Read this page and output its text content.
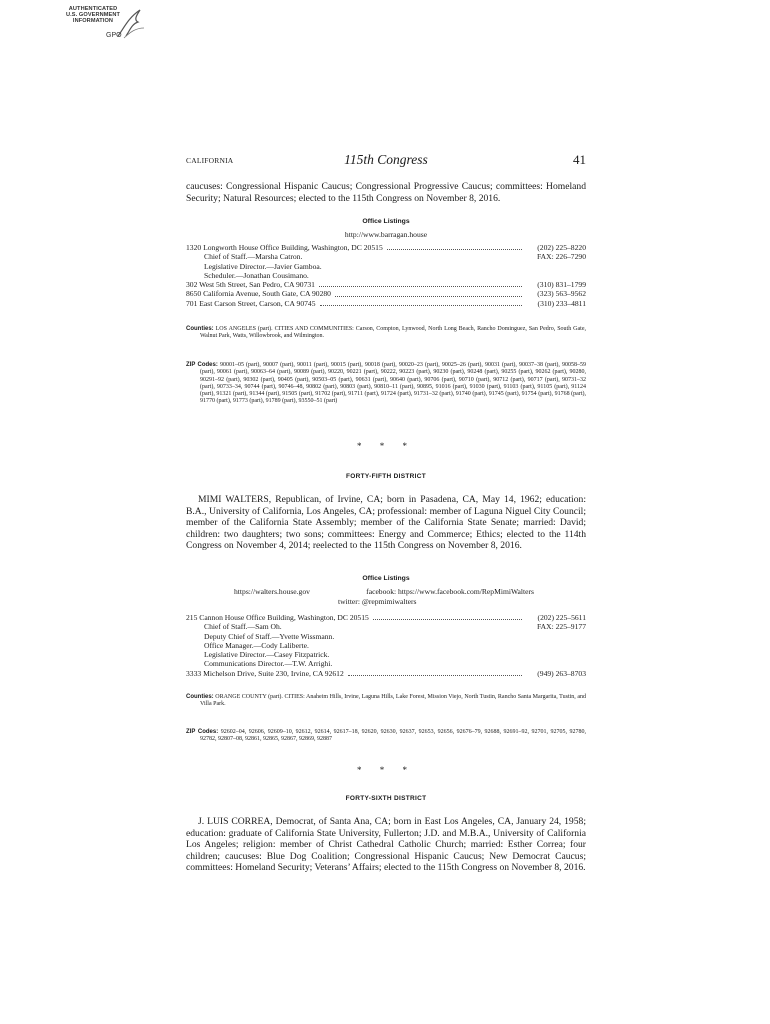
AUTHENTICATED
U.S. GOVERNMENT
INFORMATION
GPO
CALIFORNIA	115th Congress	41
caucuses: Congressional Hispanic Caucus; Congressional Progressive Caucus; committees: Homeland Security; Natural Resources; elected to the 115th Congress on November 8, 2016.
Office Listings
http://www.barragan.house
1320 Longworth House Office Building, Washington, DC 20515	(202) 225–8220
Chief of Staff.—Marsha Catron.	FAX: 226–7290
Legislative Director.—Javier Gamboa.
Scheduler.—Jonathan Cousimano.
302 West 5th Street, San Pedro, CA 90731	(310) 831–1799
8650 California Avenue, South Gate, CA 90280	(323) 563–9562
701 East Carson Street, Carson, CA 90745	(310) 233–4811
Counties: LOS ANGELES (part). CITIES AND COMMUNITIES: Carson, Compton, Lynwood, North Long Beach, Rancho Dominguez, San Pedro, South Gate, Walnut Park, Watts, Willowbrook, and Wilmington.
ZIP Codes: 90001–05 (part), 90007 (part), 90011 (part), 90015 (part), 90018 (part), 90020–23 (part), 90025–26 (part), 90031 (part), 90037–38 (part), 90058–59 (part), 90061 (part), 90063–64 (part), 90089 (part), 90220, 90221 (part), 90222, 90223 (part), 90230 (part), 90248 (part), 90255 (part), 90262 (part), 90280, 90291–92 (part), 90302 (part), 90405 (part), 90503–05 (part), 90631 (part), 90640 (part), 90706 (part), 90710 (part), 90712 (part), 90717 (part), 90731–32 (part), 90733–34, 90744 (part), 90746–48, 90802 (part), 90803 (part), 90810–11 (part), 90895, 91016 (part), 91030 (part), 91103 (part), 91105 (part), 91124 (part), 91321 (part), 91344 (part), 91505 (part), 91702 (part), 91711 (part), 91724 (part), 91731–32 (part), 91740 (part), 91745 (part), 91754 (part), 91768 (part), 91770 (part), 91773 (part), 91789 (part), 93550–51 (part)
* * *
FORTY-FIFTH DISTRICT
MIMI WALTERS, Republican, of Irvine, CA; born in Pasadena, CA, May 14, 1962; education: B.A., University of California, Los Angeles, CA; professional: member of Laguna Niguel City Council; member of the California State Assembly; member of the California State Senate; married: David; children: two daughters; two sons; committees: Energy and Commerce; Ethics; elected to the 114th Congress on November 4, 2014; reelected to the 115th Congress on November 8, 2016.
Office Listings
https://walters.house.gov	facebook: https://www.facebook.com/RepMimiWalters
twitter: @repmimiwalters
215 Cannon House Office Building, Washington, DC 20515	(202) 225–5611
Chief of Staff.—Sam Oh.	FAX: 225–9177
Deputy Chief of Staff.—Yvette Wissmann.
Office Manager.—Cody Laliberte.
Legislative Director.—Casey Fitzpatrick.
Communications Director.—T.W. Arrighi.
3333 Michelson Drive, Suite 230, Irvine, CA 92612	(949) 263–8703
Counties: ORANGE COUNTY (part). CITIES: Anaheim Hills, Irvine, Laguna Hills, Lake Forest, Mission Viejo, North Tustin, Rancho Santa Margarita, Tustin, and Villa Park.
ZIP Codes: 92602–04, 92606, 92609–10, 92612, 92614, 92617–18, 92620, 92630, 92637, 92653, 92656, 92676–79, 92688, 92691–92, 92701, 92705, 92780, 92782, 92807–08, 92861, 92865, 92867, 92869, 92887
* * *
FORTY-SIXTH DISTRICT
J. LUIS CORREA, Democrat, of Santa Ana, CA; born in East Los Angeles, CA, January 24, 1958; education: graduate of California State University, Fullerton; J.D. and M.B.A., University of California Los Angeles; religion: member of Christ Cathedral Catholic Church; married: Esther Correa; four children; caucuses: Blue Dog Coalition; Congressional Hispanic Caucus; New Democrat Caucus; committees: Homeland Security; Veterans’ Affairs; elected to the 115th Congress on November 8, 2016.
